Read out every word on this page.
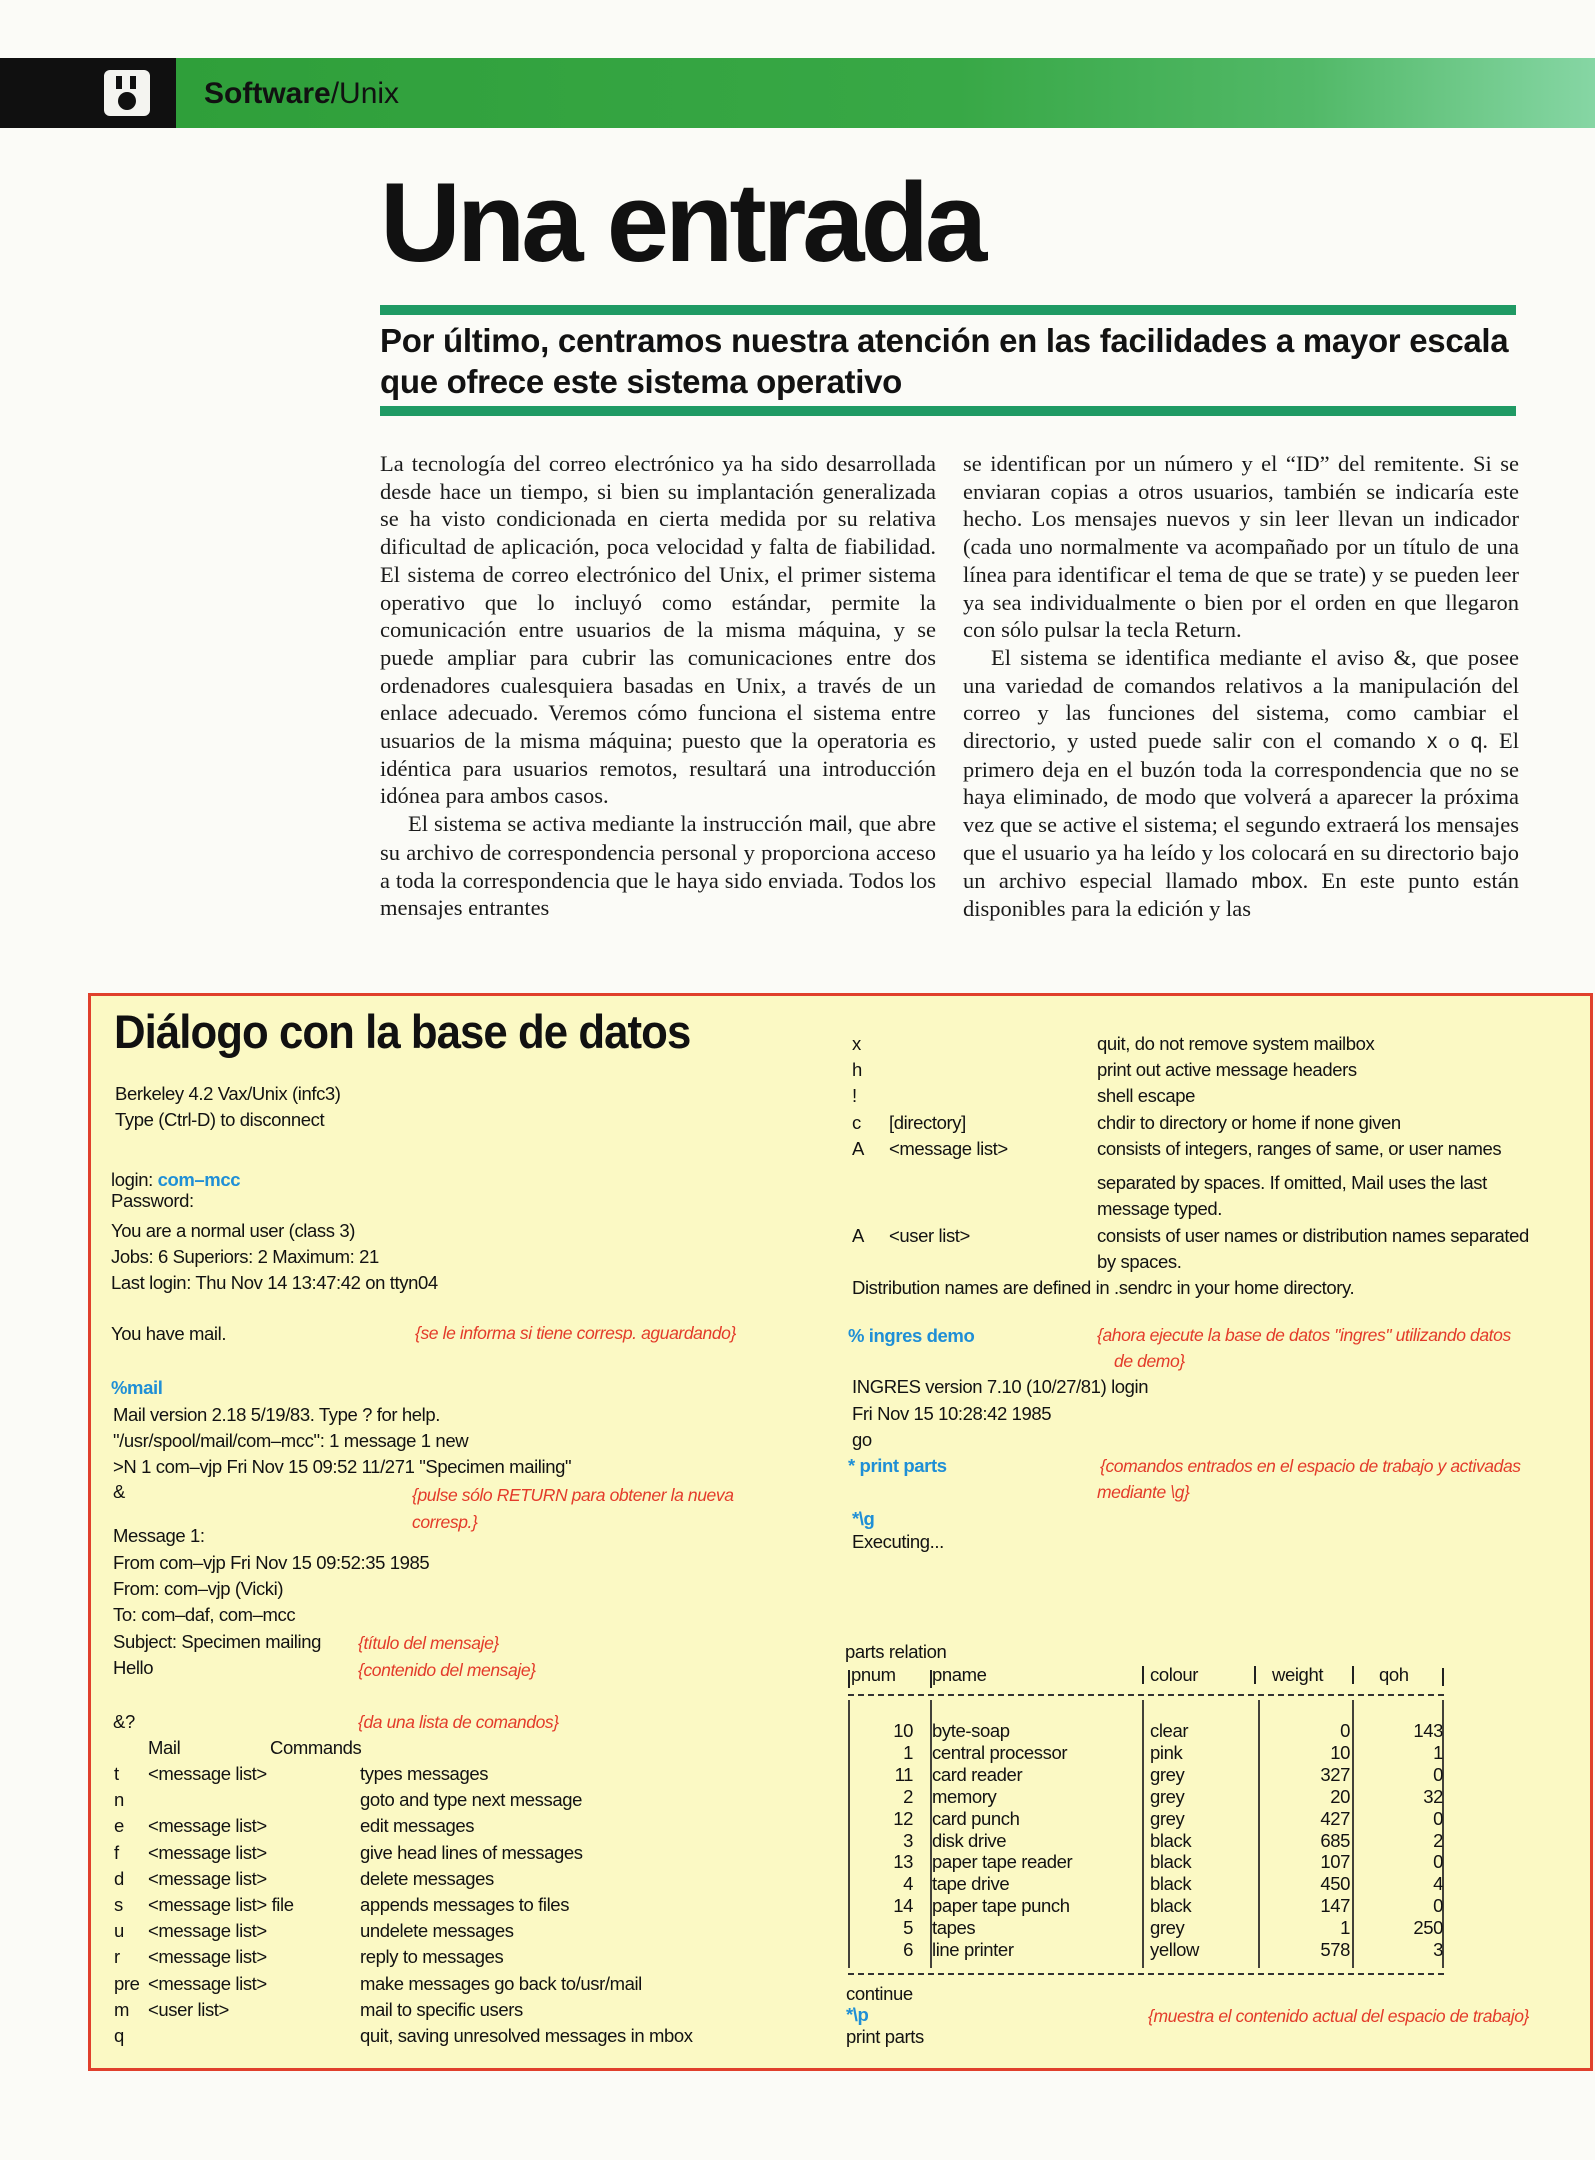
Software/Unix
Una entrada
Por último, centramos nuestra atención en las facilidades a mayor escala que ofrece este sistema operativo

La tecnología del correo electrónico ya ha sido desarrollada desde hace un tiempo, si bien su implantación generalizada se ha visto condicionada en cierta medida por su relativa dificultad de aplicación, poca velocidad y falta de fiabilidad. El sistema de correo electrónico del Unix, el primer sistema operativo que lo incluyó como estándar, permite la comunicación entre usuarios de la misma máquina, y se puede ampliar para cubrir las comunicaciones entre dos ordenadores cualesquiera basadas en Unix, a través de un enlace adecuado. Veremos cómo funciona el sistema entre usuarios de la misma máquina; puesto que la operatoria es idéntica para usuarios remotos, resultará una introducción idónea para ambos casos.

El sistema se activa mediante la instrucción mail, que abre su archivo de correspondencia personal y proporciona acceso a toda la correspondencia que le haya sido enviada. Todos los mensajes entrantes

se identifican por un número y el “ID” del remitente. Si se enviaran copias a otros usuarios, también se indicaría este hecho. Los mensajes nuevos y sin leer llevan un indicador (cada uno normalmente va acompañado por un título de una línea para identificar el tema de que se trate) y se pueden leer ya sea individualmente o bien por el orden en que llegaron con sólo pulsar la tecla Return.

El sistema se identifica mediante el aviso &, que posee una variedad de comandos relativos a la manipulación del correo y las funciones del sistema, como cambiar el directorio, y usted puede salir con el comando x o q. El primero deja en el buzón toda la correspondencia que no se haya eliminado, de modo que volverá a aparecer la próxima vez que se active el sistema; el segundo extraerá los mensajes que el usuario ya ha leído y los colocará en su directorio bajo un archivo especial llamado mbox. En este punto están disponibles para la edición y las

Diálogo con la base de datos
Berkeley 4.2 Vax/Unix (infc3)
Type (Ctrl-D) to disconnect
login: com–mcc
Password:
You are a normal user (class 3)
Jobs: 6 Superiors: 2 Maximum: 21
Last login: Thu Nov 14 13:47:42 on ttyn04
You have mail.	{se le informa si tiene corresp. aguardando}
%mail
Mail version 2.18 5/19/83. Type ? for help.
"/usr/spool/mail/com–mcc": 1 message 1 new
>N 1 com–vjp Fri Nov 15 09:52 11/271 "Specimen mailing"
&	{pulse sólo RETURN para obtener la nueva
corresp.}
Message 1:
From com–vjp Fri Nov 15 09:52:35 1985
From: com–vjp (Vicki)
To: com–daf, com–mcc
Subject: Specimen mailing {título del mensaje}
Hello	{contenido del mensaje}
&?	{da una lista de comandos}
Mail	Commands
t <message list>	types messages
n	goto and type next message
e <message list>	edit messages
f <message list>	give head lines of messages
d <message list>	delete messages
s <message list> file	appends messages to files
u <message list>	undelete messages
r <message list>	reply to messages
pre <message list>	make messages go back to/usr/mail
m <user list>	mail to specific users
q	quit, saving unresolved messages in mbox
x	quit, do not remove system mailbox
h	print out active message headers
!	shell escape
c [directory]	chdir to directory or home if none given
A <message list>	consists of integers, ranges of same, or user names
separated by spaces. If omitted, Mail uses the last
message typed.
A <user list>	consists of user names or distribution names separated
by spaces.
Distribution names are defined in .sendrc in your home directory.
% ingres demo	{ahora ejecute la base de datos "ingres" utilizando datos
de demo}
INGRES version 7.10 (10/27/81) login
Fri Nov 15 10:28:42 1985
go
* print parts	{comandos entrados en el espacio de trabajo y activadas
mediante \g}
*\g
Executing...
parts relation
pnum pname	colour	weight	qoh
10 byte-soap	clear	0	143
1 central processor	pink	10	1
11 card reader	grey	327	0
2 memory	grey	20	32
12 card punch	grey	427	0
3 disk drive	black	685	2
13 paper tape reader	black	107	0
4 tape drive	black	450	4
14 paper tape punch	black	147	0
5 tapes	grey	1	250
6 line printer	yellow	578	3
continue
*\p
print parts
{muestra el contenido actual del espacio de trabajo}
